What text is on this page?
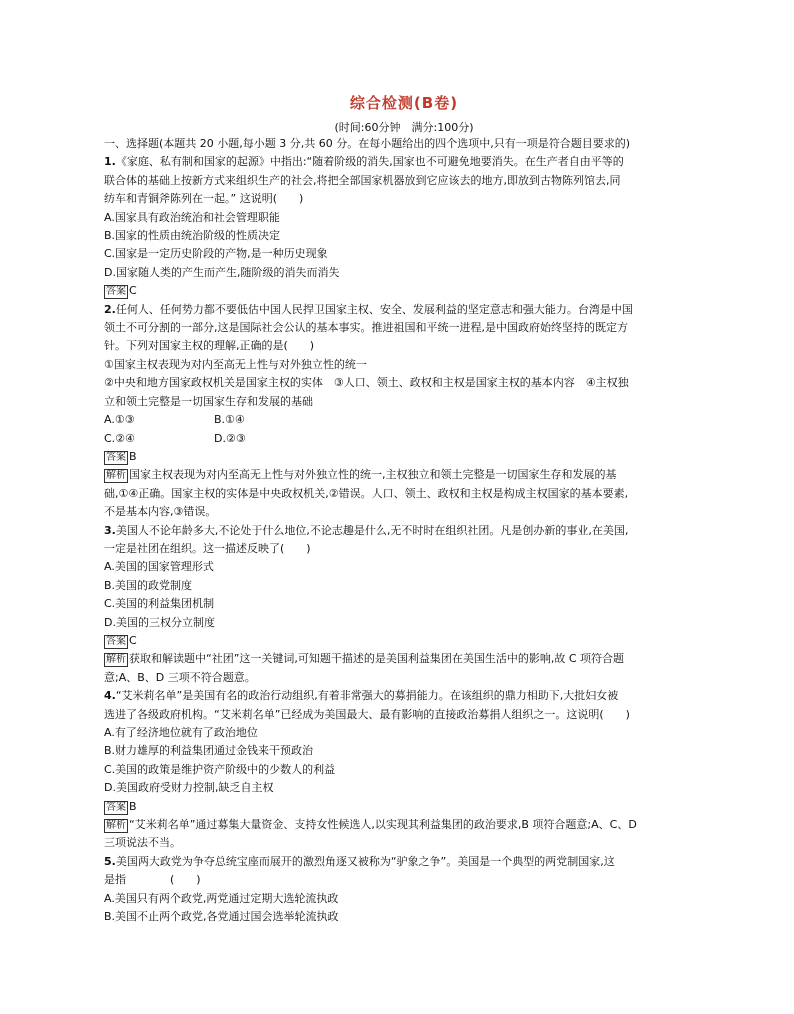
综合检测(B卷)
(时间:60分钟　满分:100分)

一、选择题(本题共 20 小题,每小题 3 分,共 60 分。在每小题给出的四个选项中,只有一项是符合题目要求的)

1.《家庭、私有制和国家的起源》中指出:“随着阶级的消失,国家也不可避免地要消失。在生产者自由平等的

联合体的基础上按新方式来组织生产的社会,将把全部国家机器放到它应该去的地方,即放到古物陈列馆去,同

纺车和青铜斧陈列在一起。” 这说明(　　)

A.国家具有政治统治和社会管理职能

B.国家的性质由统治阶级的性质决定

C.国家是一定历史阶段的产物,是一种历史现象

D.国家随人类的产生而产生,随阶级的消失而消失

答案 C

2.任何人、任何势力都不要低估中国人民捍卫国家主权、安全、发展利益的坚定意志和强大能力。台湾是中国

领土不可分割的一部分,这是国际社会公认的基本事实。推进祖国和平统一进程,是中国政府始终坚持的既定方

针。下列对国家主权的理解,正确的是(　　)

①国家主权表现为对内至高无上性与对外独立性的统一

②中央和地方国家政权机关是国家主权的实体　③人口、领土、政权和主权是国家主权的基本内容　④主权独

立和领土完整是一切国家生存和发展的基础

A.①③	B.①④
C.②④	D.②③

答案 B

解析 国家主权表现为对内至高无上性与对外独立性的统一,主权独立和领土完整是一切国家生存和发展的基

础,①④正确。国家主权的实体是中央政权机关,②错误。人口、领土、政权和主权是构成主权国家的基本要素,

不是基本内容,③错误。

3.美国人不论年龄多大,不论处于什么地位,不论志趣是什么,无不时时在组织社团。凡是创办新的事业,在美国,

一定是社团在组织。这一描述反映了(　　)

A.美国的国家管理形式

B.美国的政党制度

C.美国的利益集团机制

D.美国的三权分立制度

答案 C

解析 获取和解读题中“社团”这一关键词,可知题干描述的是美国利益集团在美国生活中的影响,故 C 项符合题

意;A、B、D 三项不符合题意。

4.“艾米莉名单”是美国有名的政治行动组织,有着非常强大的募捐能力。在该组织的鼎力相助下,大批妇女被

选进了各级政府机构。“艾米莉名单”已经成为美国最大、最有影响的直接政治募捐人组织之一。这说明(　　)

A.有了经济地位就有了政治地位

B.财力雄厚的利益集团通过金钱来干预政治

C.美国的政策是维护资产阶级中的少数人的利益

D.美国政府受财力控制,缺乏自主权

答案 B

解析 “艾米莉名单”通过募集大量资金、支持女性候选人,以实现其利益集团的政治要求,B 项符合题意;A、C、D

三项说法不当。

5.美国两大政党为争夺总统宝座而展开的激烈角逐又被称为“驴象之争”。美国是一个典型的两党制国家,这

是指　　　　(　　)

A.美国只有两个政党,两党通过定期大选轮流执政

B.美国不止两个政党,各党通过国会选举轮流执政
